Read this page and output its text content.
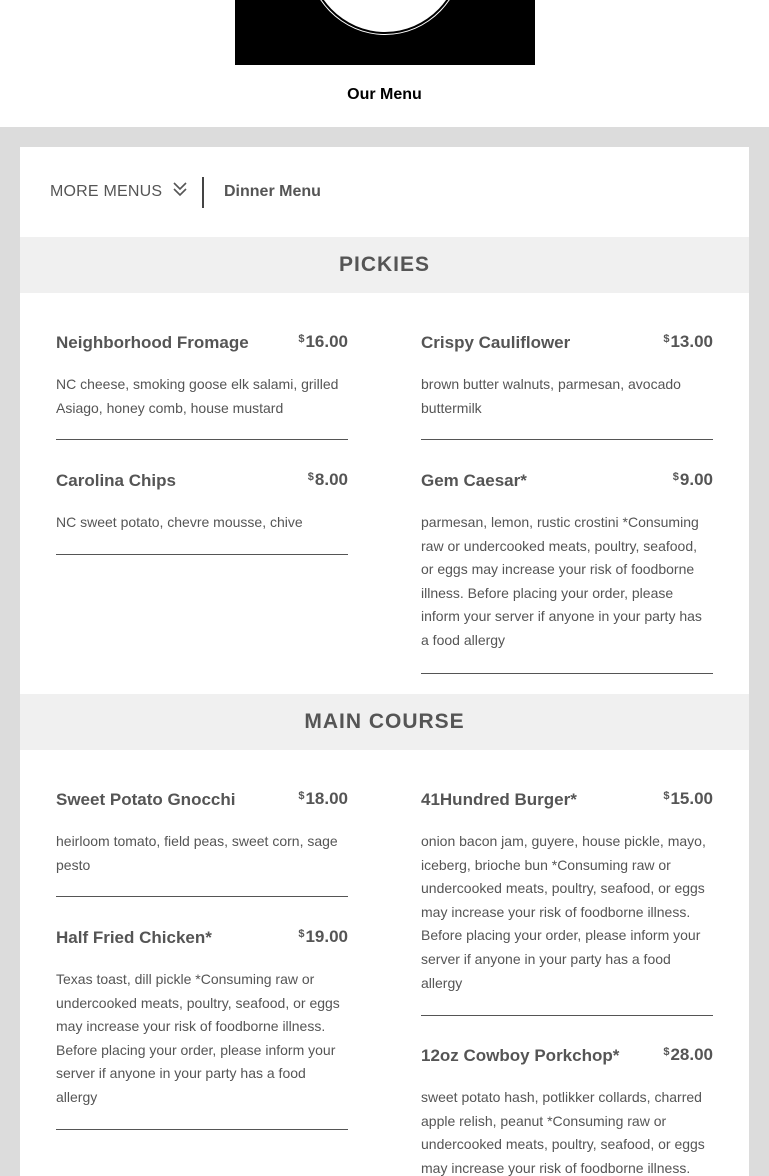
Our Menu
MORE MENUS	Dinner Menu
PICKIES
Neighborhood Fromage	$16.00
NC cheese, smoking goose elk salami, grilled Asiago, honey comb, house mustard
Crispy Cauliflower	$13.00
brown butter walnuts, parmesan, avocado buttermilk
Carolina Chips	$8.00
NC sweet potato, chevre mousse, chive
Gem Caesar*	$9.00
parmesan, lemon, rustic crostini *Consuming raw or undercooked meats, poultry, seafood, or eggs may increase your risk of foodborne illness. Before placing your order, please inform your server if anyone in your party has a food allergy
MAIN COURSE
Sweet Potato Gnocchi	$18.00
heirloom tomato, field peas, sweet corn, sage pesto
41Hundred Burger*	$15.00
onion bacon jam, guyere, house pickle, mayo, iceberg, brioche bun *Consuming raw or undercooked meats, poultry, seafood, or eggs may increase your risk of foodborne illness. Before placing your order, please inform your server if anyone in your party has a food allergy
Half Fried Chicken*	$19.00
Texas toast, dill pickle *Consuming raw or undercooked meats, poultry, seafood, or eggs may increase your risk of foodborne illness. Before placing your order, please inform your server if anyone in your party has a food allergy
12oz Cowboy Porkchop*	$28.00
sweet potato hash, potlikker collards, charred apple relish, peanut *Consuming raw or undercooked meats, poultry, seafood, or eggs may increase your risk of foodborne illness.
